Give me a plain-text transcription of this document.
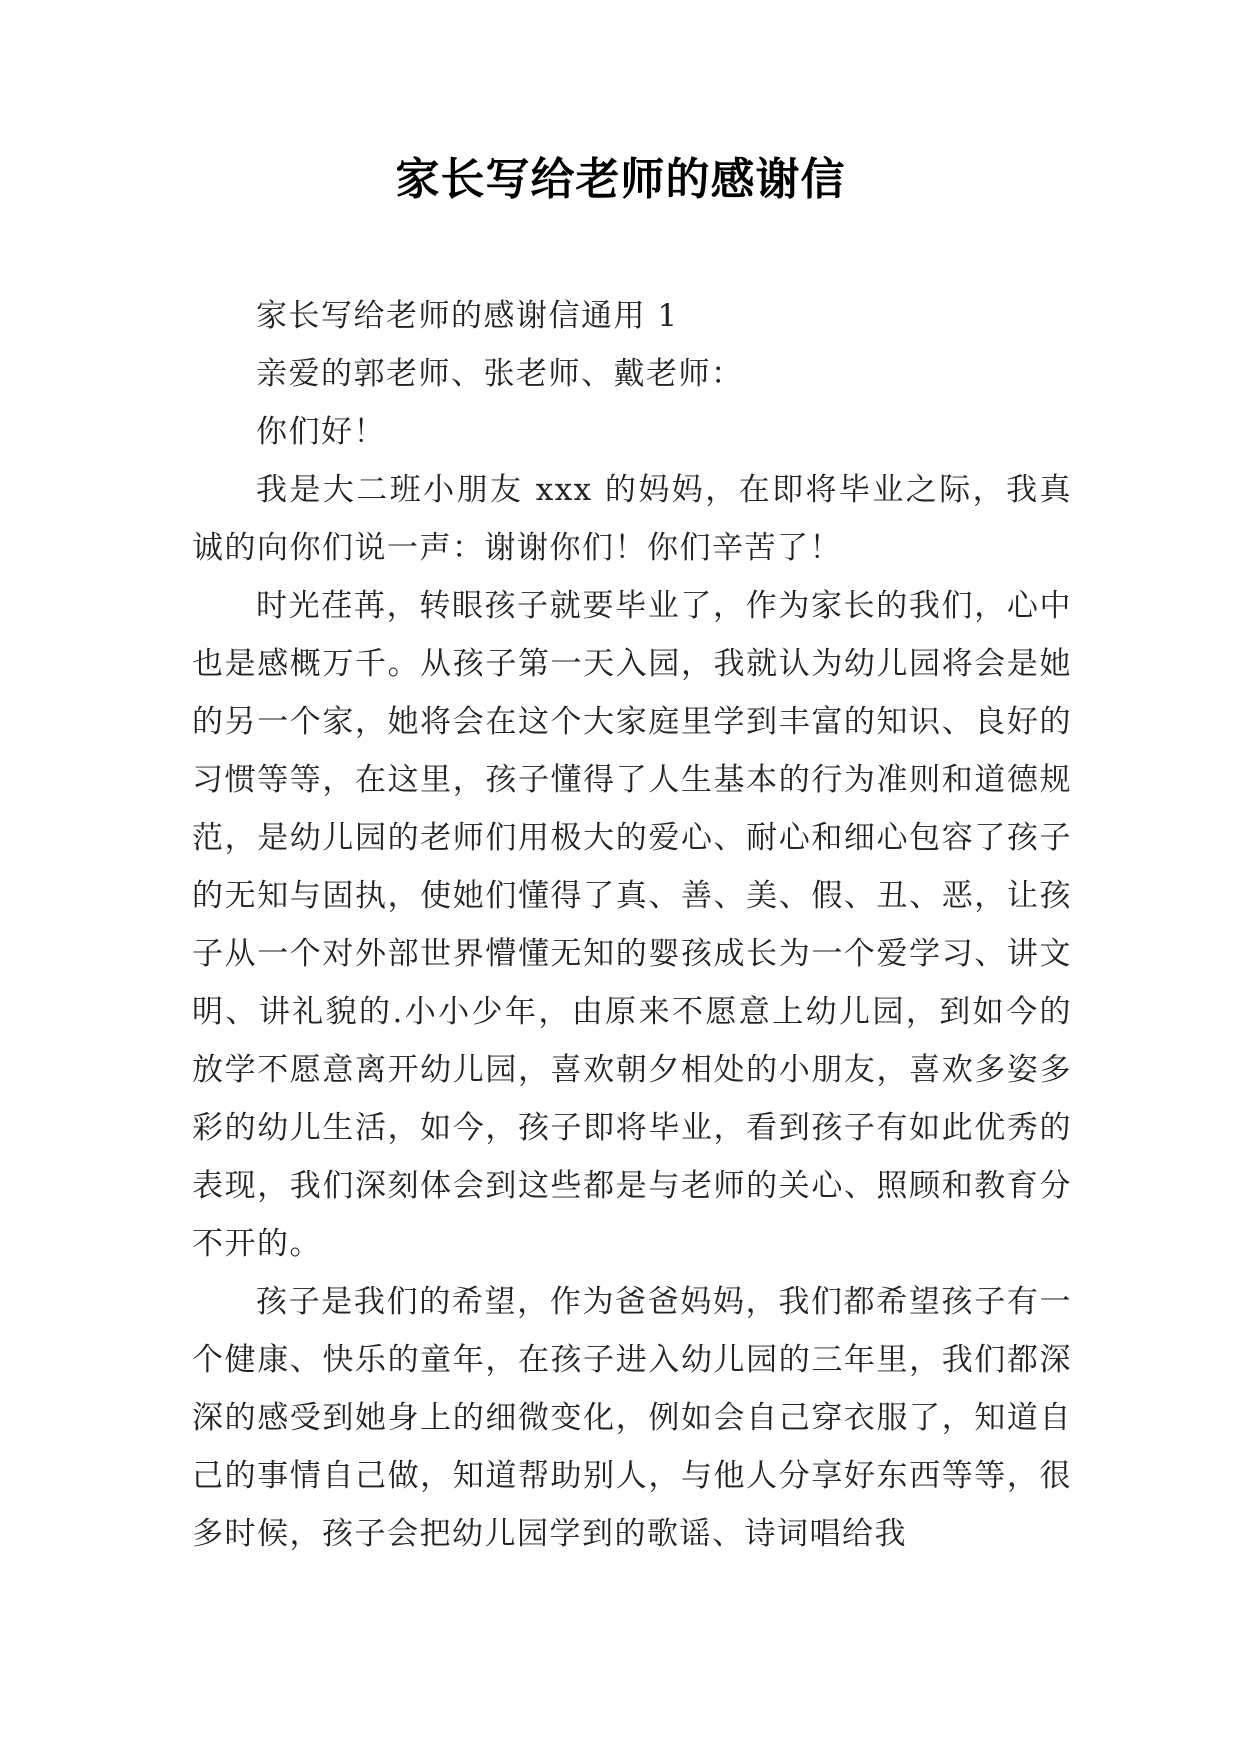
家长写给老师的感谢信

家长写给老师的感谢信通用 1

亲爱的郭老师、张老师、戴老师：

你们好！

我是大二班小朋友 xxx 的妈妈，在即将毕业之际，我真诚的向你们说一声：谢谢你们！你们辛苦了！

时光荏苒，转眼孩子就要毕业了，作为家长的我们，心中也是感概万千。从孩子第一天入园，我就认为幼儿园将会是她的另一个家，她将会在这个大家庭里学到丰富的知识、良好的习惯等等，在这里，孩子懂得了人生基本的行为准则和道德规范，是幼儿园的老师们用极大的爱心、耐心和细心包容了孩子的无知与固执，使她们懂得了真、善、美、假、丑、恶，让孩子从一个对外部世界懵懂无知的婴孩成长为一个爱学习、讲文明、讲礼貌的.小小少年，由原来不愿意上幼儿园，到如今的放学不愿意离开幼儿园，喜欢朝夕相处的小朋友，喜欢多姿多彩的幼儿生活，如今，孩子即将毕业，看到孩子有如此优秀的表现，我们深刻体会到这些都是与老师的关心、照顾和教育分不开的。

孩子是我们的希望，作为爸爸妈妈，我们都希望孩子有一个健康、快乐的童年，在孩子进入幼儿园的三年里，我们都深深的感受到她身上的细微变化，例如会自己穿衣服了，知道自己的事情自己做，知道帮助别人，与他人分享好东西等等，很多时候，孩子会把幼儿园学到的歌谣、诗词唱给我
